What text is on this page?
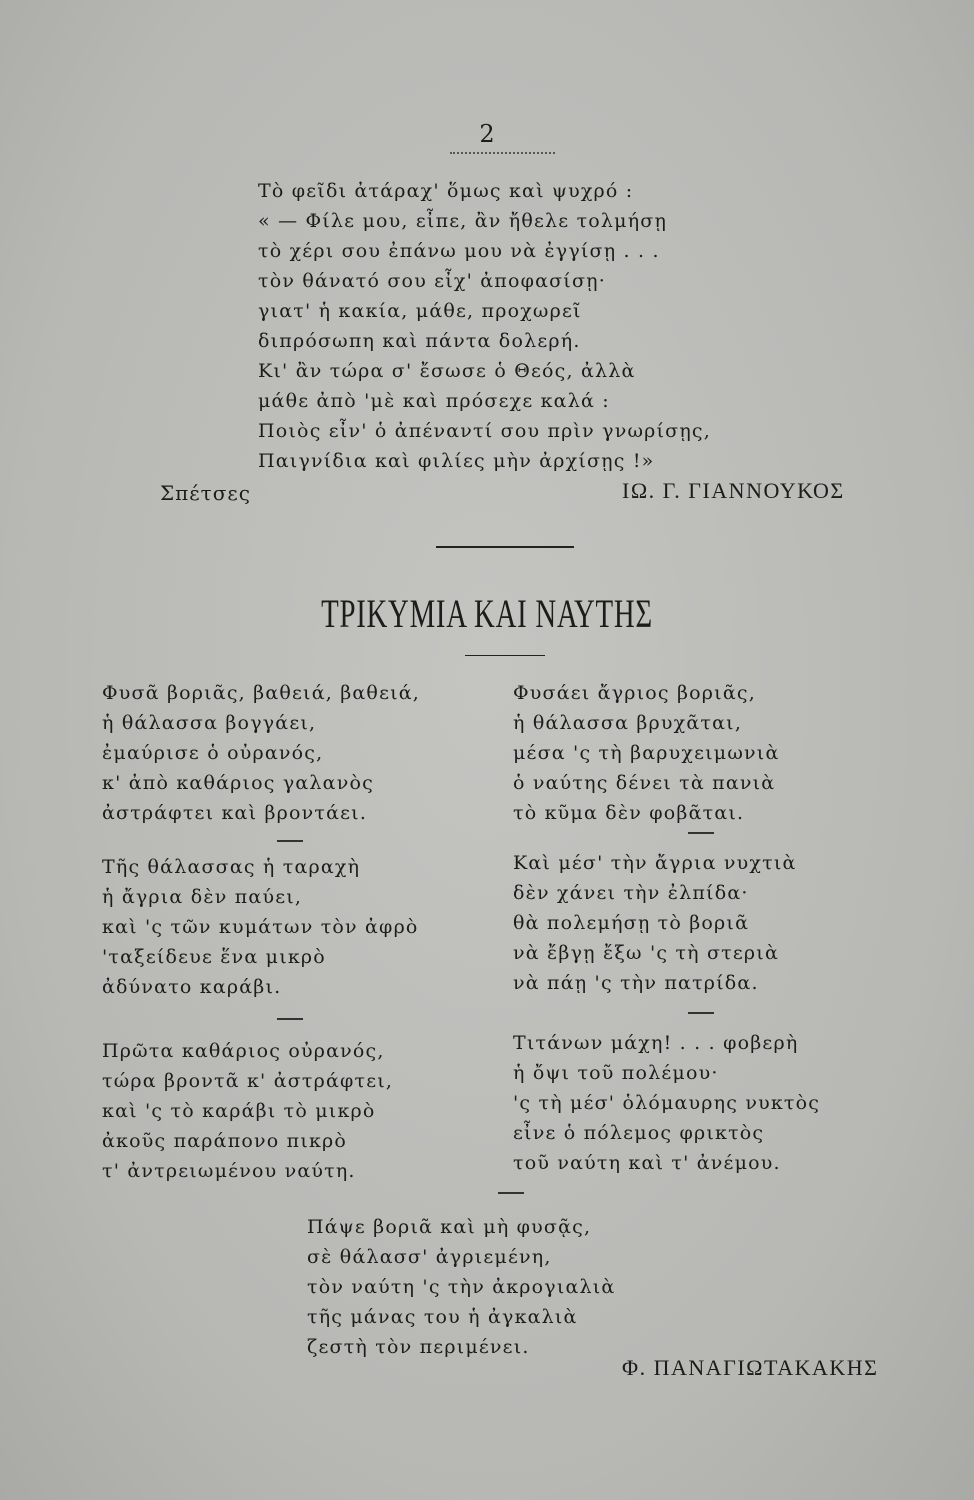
2
Τὸ φεῖδι ἀτάραχ' ὅμως καὶ ψυχρό :
« — Φίλε μου, εἶπε, ἂν ἤθελε τολμήσῃ
τὸ χέρι σου ἐπάνω μου νὰ ἐγγίσῃ . . .
τὸν θάνατό σου εἶχ' ἀποφασίσῃ·
γιατ' ἡ κακία, μάθε, προχωρεῖ
διπρόσωπη καὶ πάντα δολερή.
Κι' ἂν τώρα σ' ἔσωσε ὁ Θεός, ἀλλὰ
μάθε ἀπὸ 'μὲ καὶ πρόσεχε καλά :
Ποιὸς εἶν' ὁ ἀπέναντί σου πρὶν γνωρίσῃς,
Παιγνίδια καὶ φιλίες μὴν ἀρχίσῃς !»
Σπέτσες	ΙΩ. Γ. ΓΙΑΝΝΟΥΚΟΣ
ΤΡΙΚΥΜΙΑ ΚΑΙ ΝΑΥΤΗΣ
Φυσᾶ βοριᾶς, βαθειά, βαθειά,
ἡ θάλασσα βογγάει,
ἐμαύρισε ὁ οὐρανός,
κ' ἀπὸ καθάριος γαλανὸς
ἀστράφτει καὶ βροντάει.
Τῆς θάλασσας ἡ ταραχὴ
ἡ ἄγρια δὲν παύει,
καὶ 'ς τῶν κυμάτων τὸν ἀφρὸ
'ταξείδευε ἕνα μικρὸ
ἀδύνατο καράβι.
Πρῶτα καθάριος οὐρανός,
τώρα βροντᾶ κ' ἀστράφτει,
καὶ 'ς τὸ καράβι τὸ μικρὸ
ἀκοῦς παράπονο πικρὸ
τ' ἀντρειωμένου ναύτη.
Φυσάει ἄγριος βοριᾶς,
ἡ θάλασσα βρυχᾶται,
μέσα 'ς τὴ βαρυχειμωνιὰ
ὁ ναύτης δένει τὰ πανιὰ
τὸ κῦμα δὲν φοβᾶται.
Καὶ μέσ' τὴν ἄγρια νυχτιὰ
δὲν χάνει τὴν ἐλπίδα·
θὰ πολεμήσῃ τὸ βοριᾶ
νὰ ἔβγῃ ἔξω 'ς τὴ στεριὰ
νὰ πάῃ 'ς τὴν πατρίδα.
Τιτάνων μάχη! . . . φοβερὴ
ἡ ὄψι τοῦ πολέμου·
'ς τὴ μέσ' ὁλόμαυρης νυκτὸς
εἶνε ὁ πόλεμος φρικτὸς
τοῦ ναύτη καὶ τ' ἀνέμου.
Πάψε βοριᾶ καὶ μὴ φυσᾷς,
σὲ θάλασσ' ἀγριεμένη,
τὸν ναύτη 'ς τὴν ἀκρογιαλιὰ
τῆς μάνας του ἡ ἀγκαλιὰ
ζεστὴ τὸν περιμένει.
Φ. ΠΑΝΑΓΙΩΤΑΚΑΚΗΣ
